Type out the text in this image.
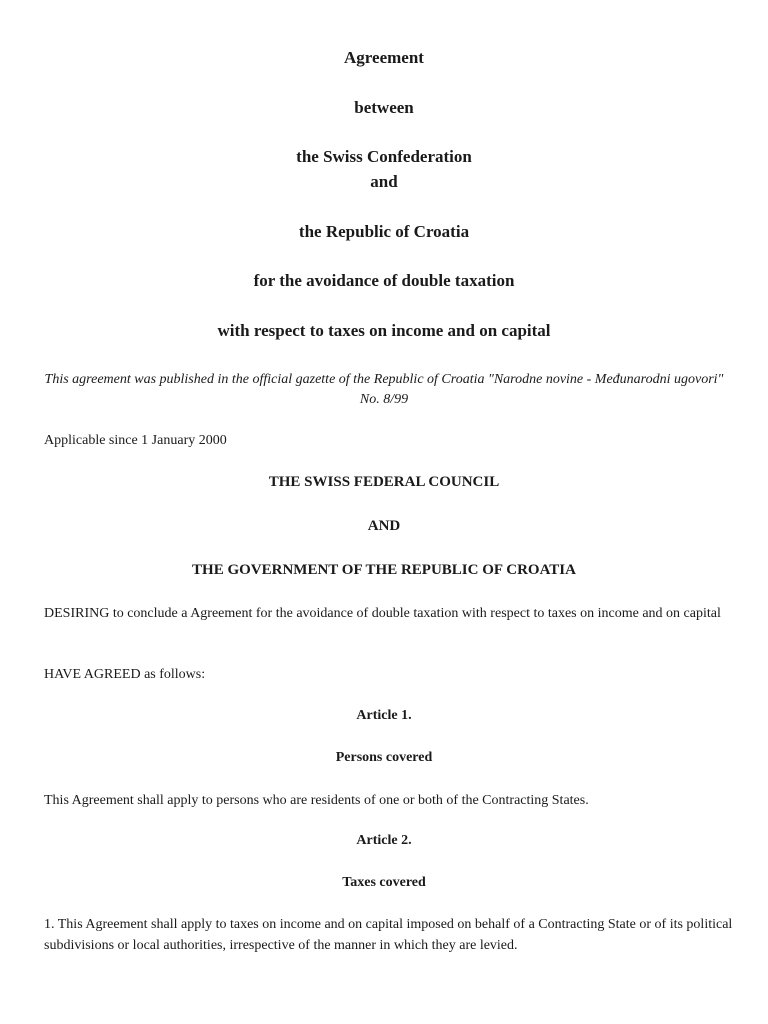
Agreement
between
the Swiss Confederation
and
the Republic of Croatia
for the avoidance of double taxation
with respect to taxes on income and on capital
This agreement was published in the official gazette of the Republic of Croatia "Narodne novine - Međunarodni ugovori" No. 8/99
Applicable since 1 January 2000
THE SWISS FEDERAL COUNCIL
AND
THE GOVERNMENT OF THE REPUBLIC OF CROATIA
DESIRING to conclude a Agreement for the avoidance of double taxation with respect to taxes on income and on capital
HAVE AGREED as follows:
Article 1.
Persons covered
This Agreement shall apply to persons who are residents of one or both of the Contracting States.
Article 2.
Taxes covered
1. This Agreement shall apply to taxes on income and on capital imposed on behalf of a Contracting State or of its political subdivisions or local authorities, irrespective of the manner in which they are levied.
